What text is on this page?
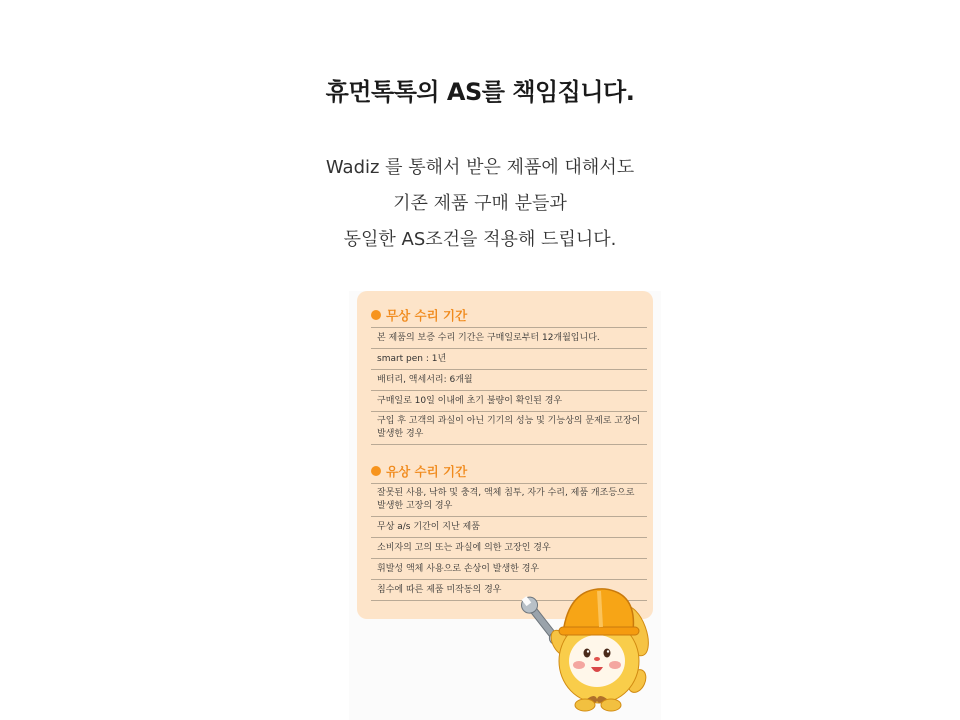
휴먼톡톡의 AS를 책임집니다.
Wadiz 를 통해서 받은 제품에 대해서도
기존 제품 구매 분들과
동일한 AS조건을 적용해 드립니다.
무상 수리 기간
본 제품의 보증 수리 기간은 구매일로부터 12개월입니다.
smart pen : 1년
배터리, 액세서리: 6개월
구매일로 10일 이내에 초기 불량이 확인된 경우
구입 후 고객의 과실이 아닌 기기의 성능 및 기능상의 문제로 고장이 발생한 경우
유상 수리 기간
잘못된 사용, 낙하 및 충격, 액체 침투, 자가 수리, 제품 개조등으로 발생한 고장의 경우
무상 a/s 기간이 지난 제품
소비자의 고의 또는 과실에 의한 고장인 경우
휘발성 액체 사용으로 손상이 발생한 경우
침수에 따른 제품 미작동의 경우
